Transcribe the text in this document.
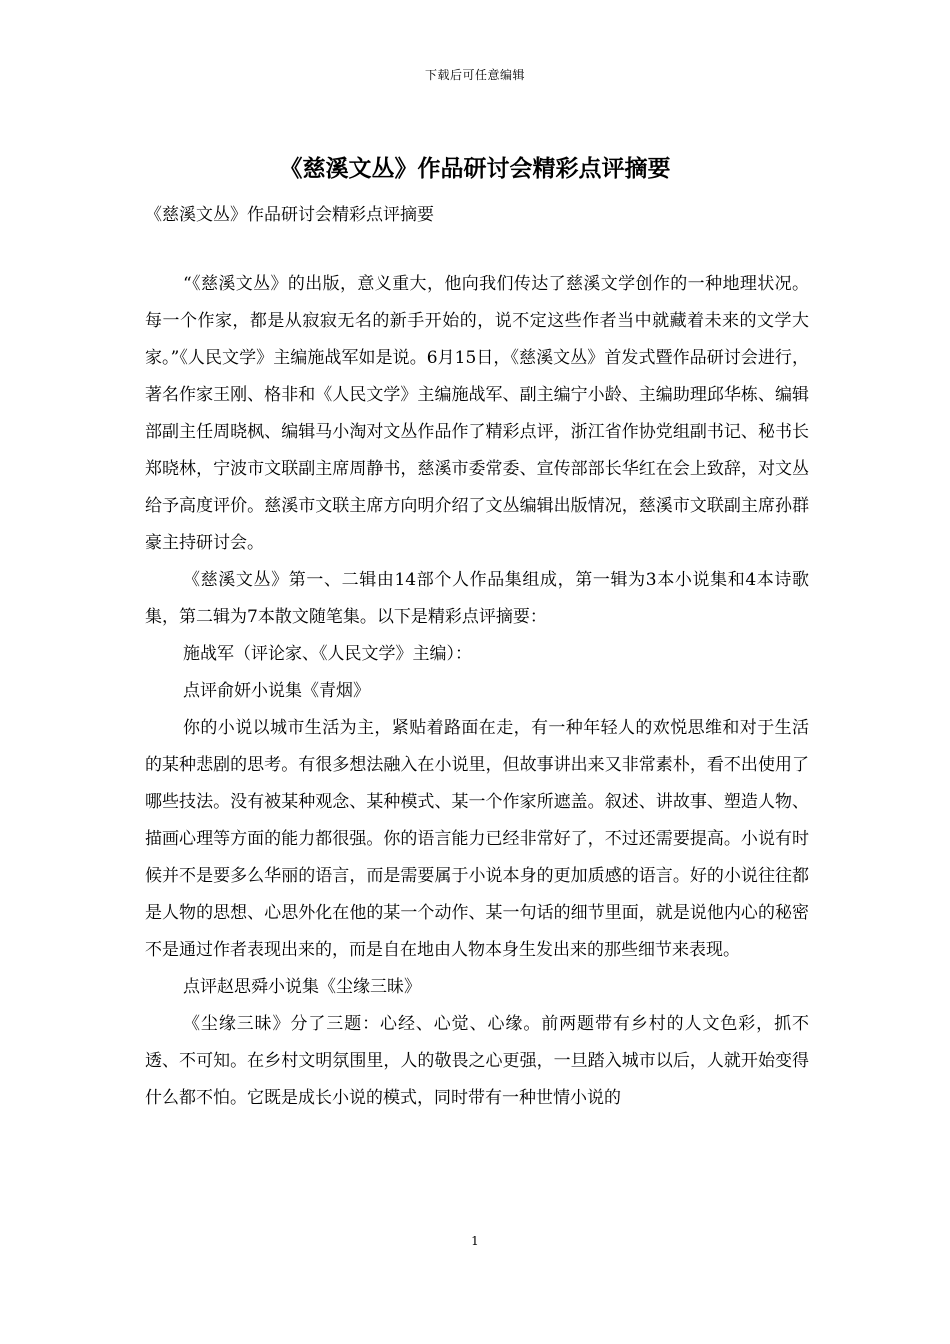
下载后可任意编辑
《慈溪文丛》作品研讨会精彩点评摘要
《慈溪文丛》作品研讨会精彩点评摘要

“《慈溪文丛》的出版，意义重大，他向我们传达了慈溪文学创作的一种地理状况。每一个作家，都是从寂寂无名的新手开始的，说不定这些作者当中就藏着未来的文学大家。”《人民文学》主编施战军如是说。6月15日，《慈溪文丛》首发式暨作品研讨会进行，著名作家王刚、格非和《人民文学》主编施战军、副主编宁小龄、主编助理邱华栋、编辑部副主任周晓枫、编辑马小淘对文丛作品作了精彩点评，浙江省作协党组副书记、秘书长郑晓林，宁波市文联副主席周静书，慈溪市委常委、宣传部部长华红在会上致辞，对文丛给予高度评价。慈溪市文联主席方向明介绍了文丛编辑出版情况，慈溪市文联副主席孙群豪主持研讨会。

《慈溪文丛》第一、二辑由14部个人作品集组成，第一辑为3本小说集和4本诗歌集，第二辑为7本散文随笔集。以下是精彩点评摘要：

施战军（评论家、《人民文学》主编）：

点评俞妍小说集《青烟》

你的小说以城市生活为主，紧贴着路面在走，有一种年轻人的欢悦思维和对于生活的某种悲剧的思考。有很多想法融入在小说里，但故事讲出来又非常素朴，看不出使用了哪些技法。没有被某种观念、某种模式、某一个作家所遮盖。叙述、讲故事、塑造人物、描画心理等方面的能力都很强。你的语言能力已经非常好了，不过还需要提高。小说有时候并不是要多么华丽的语言，而是需要属于小说本身的更加质感的语言。好的小说往往都是人物的思想、心思外化在他的某一个动作、某一句话的细节里面，就是说他内心的秘密不是通过作者表现出来的，而是自在地由人物本身生发出来的那些细节来表现。

点评赵思舜小说集《尘缘三昧》

《尘缘三昧》分了三题：心经、心觉、心缘。前两题带有乡村的人文色彩，抓不透、不可知。在乡村文明氛围里，人的敬畏之心更强，一旦踏入城市以后，人就开始变得什么都不怕。它既是成长小说的模式，同时带有一种世情小说的

1
